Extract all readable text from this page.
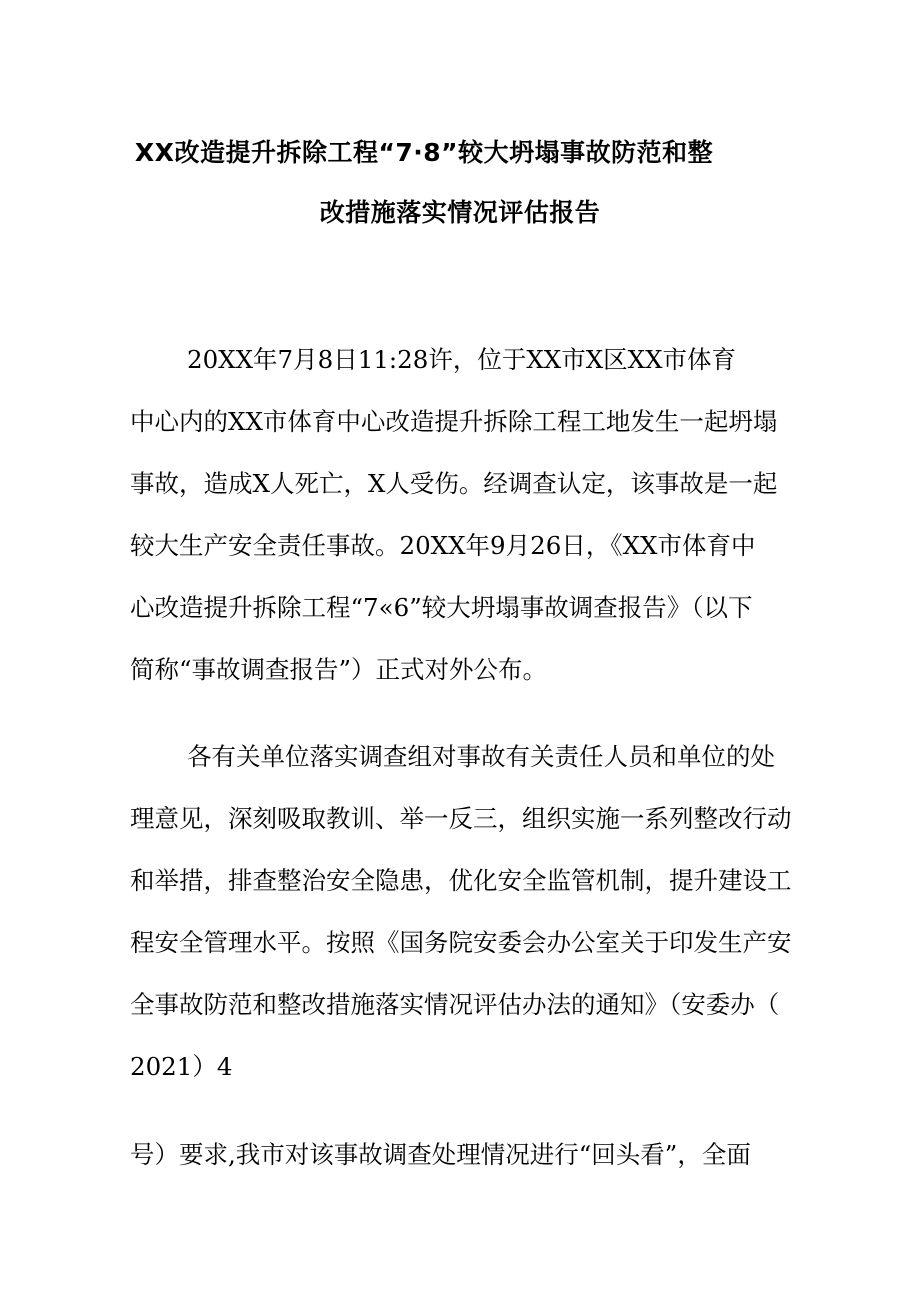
XX改造提升拆除工程“7·8”较大坍塌事故防范和整
改措施落实情况评估报告
20XX年7月8日11:28许，位于XX市X区XX市体育
中心内的XX市体育中心改造提升拆除工程工地发生一起坍塌
事故，造成X人死亡，X人受伤。经调查认定，该事故是一起
较大生产安全责任事故。20XX年9月26日，《XX市体育中
心改造提升拆除工程“7«6”较大坍塌事故调查报告》（以下
简称“事故调查报告”）正式对外公布。
各有关单位落实调查组对事故有关责任人员和单位的处
理意见，深刻吸取教训、举一反三，组织实施一系列整改行动
和举措，排查整治安全隐患，优化安全监管机制，提升建设工
程安全管理水平。按照《国务院安委会办公室关于印发生产安
全事故防范和整改措施落实情况评估办法的通知》（安委办（
2021）4
号）要求,我市对该事故调查处理情况进行“回头看”，全面
